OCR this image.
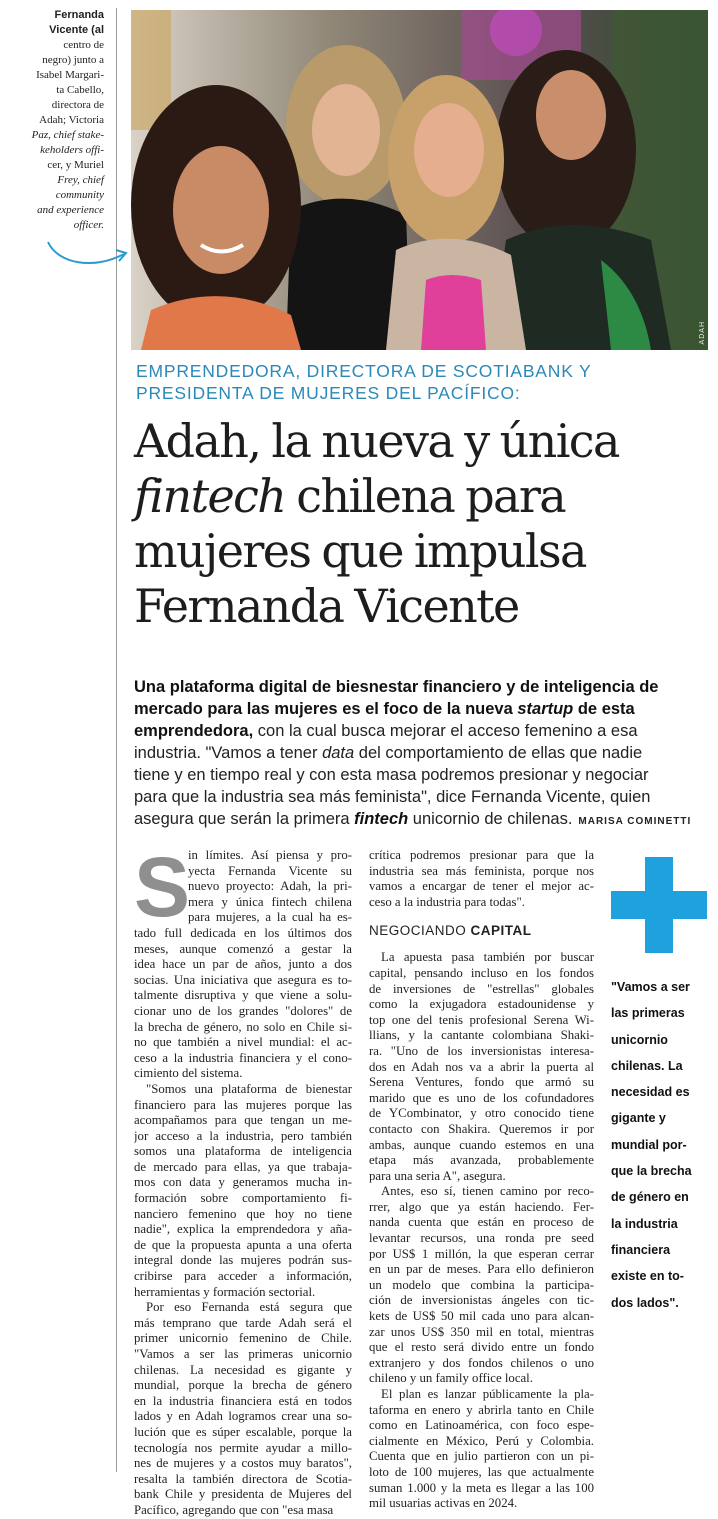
Fernanda
Vicente (al
centro de
negro) junto a
Isabel Margari-
ta Cabello,
directora de
Adah; Victoria
Paz, chief stake-
keholders offi-
cer, y Muriel
Frey, chief
community
and experience
officer.
ADAH
EMPRENDEDORA, DIRECTORA DE SCOTIABANK Y PRESIDENTA DE MUJERES DEL PACÍFICO:
Adah, la nueva y única
fintech chilena para
mujeres que impulsa
Fernanda Vicente
Una plataforma digital de biesnestar financiero y de inteligencia de
mercado para las mujeres es el foco de la nueva startup de esta
emprendedora, con la cual busca mejorar el acceso femenino a esa
industria. "Vamos a tener data del comportamiento de ellas que nadie
tiene y en tiempo real y con esta masa podremos presionar y negociar
para que la industria sea más feminista", dice Fernanda Vicente, quien
asegura que serán la primera fintech unicornio de chilenas. MARISA COMINETTI
S
in límites. Así piensa y pro-
yecta Fernanda Vicente su
nuevo proyecto: Adah, la pri-
mera y única fintech chilena
para mujeres, a la cual ha es-
tado full dedicada en los últimos dos
meses, aunque comenzó a gestar la
idea hace un par de años, junto a dos
socias. Una iniciativa que asegura es to-
talmente disruptiva y que viene a solu-
cionar uno de los grandes "dolores" de
la brecha de género, no solo en Chile si-
no que también a nivel mundial: el ac-
ceso a la industria financiera y el cono-
cimiento del sistema.
"Somos una plataforma de bienestar
financiero para las mujeres porque las
acompañamos para que tengan un me-
jor acceso a la industria, pero también
somos una plataforma de inteligencia
de mercado para ellas, ya que trabaja-
mos con data y generamos mucha in-
formación sobre comportamiento fi-
nanciero femenino que hoy no tiene
nadie", explica la emprendedora y aña-
de que la propuesta apunta a una oferta
integral donde las mujeres podrán sus-
cribirse para acceder a información,
herramientas y formación sectorial.
Por eso Fernanda está segura que
más temprano que tarde Adah será el
primer unicornio femenino de Chile.
"Vamos a ser las primeras unicornio
chilenas. La necesidad es gigante y
mundial, porque la brecha de género
en la industria financiera está en todos
lados y en Adah logramos crear una so-
lución que es súper escalable, porque la
tecnología nos permite ayudar a millo-
nes de mujeres y a costos muy baratos",
resalta la también directora de Scotia-
bank Chile y presidenta de Mujeres del
Pacífico, agregando que con "esa masa
crítica podremos presionar para que la
industria sea más feminista, porque nos
vamos a encargar de tener el mejor ac-
ceso a la industria para todas".
NEGOCIANDO CAPITAL
La apuesta pasa también por buscar
capital, pensando incluso en los fondos
de inversiones de "estrellas" globales
como la exjugadora estadounidense y
top one del tenis profesional Serena Wi-
llians, y la cantante colombiana Shaki-
ra. "Uno de los inversionistas interesa-
dos en Adah nos va a abrir la puerta al
Serena Ventures, fondo que armó su
marido que es uno de los cofundadores
de YCombinator, y otro conocido tiene
contacto con Shakira. Queremos ir por
ambas, aunque cuando estemos en una
etapa más avanzada, probablemente
para una seria A", asegura.
Antes, eso sí, tienen camino por reco-
rrer, algo que ya están haciendo. Fer-
nanda cuenta que están en proceso de
levantar recursos, una ronda pre seed
por US$ 1 millón, la que esperan cerrar
en un par de meses. Para ello definieron
un modelo que combina la participa-
ción de inversionistas ángeles con tic-
kets de US$ 50 mil cada uno para alcan-
zar unos US$ 350 mil en total, mientras
que el resto será divido entre un fondo
extranjero y dos fondos chilenos o uno
chileno y un family office local.
El plan es lanzar públicamente la pla-
taforma en enero y abrirla tanto en Chile
como en Latinoamérica, con foco espe-
cialmente en México, Perú y Colombia.
Cuenta que en julio partieron con un pi-
loto de 100 mujeres, las que actualmente
suman 1.000 y la meta es llegar a las 100
mil usuarias activas en 2024.
"Vamos a ser
las primeras
unicornio
chilenas. La
necesidad es
gigante y
mundial por-
que la brecha
de género en
la industria
financiera
existe en to-
dos lados".
